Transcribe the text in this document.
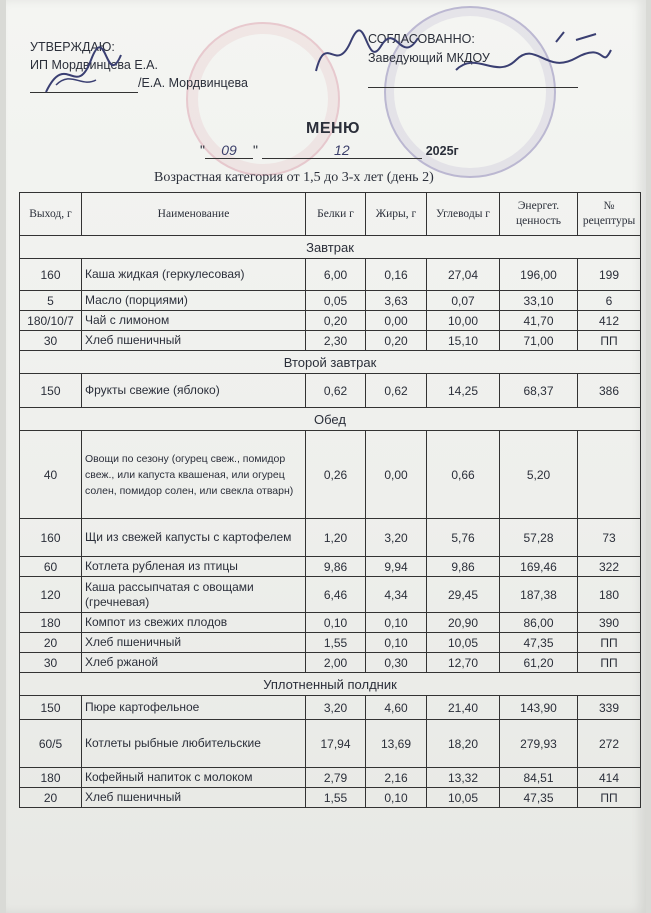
УТВЕРЖДАЮ:
ИП Мордвинцева Е.А.
/Е.А. Мордвинцева
СОГЛАСОВАННО:
Заведующий МКДОУ

МЕНЮ
" 09 "	12	2025г
Возрастная категория от 1,5 до 3-х лет (день 2)
Выход, г	Наименование	Белки г	Жиры, г	Углеводы г	Энергет. ценность	№ рецептуры
Завтрак						
160	Каша жидкая (геркулесовая)	6,00	0,16	27,04	196,00	199
5	Масло (порциями)	0,05	3,63	0,07	33,10	6
180/10/7	Чай с лимоном	0,20	0,00	10,00	41,70	412
30	Хлеб пшеничный	2,30	0,20	15,10	71,00	ПП
Второй завтрак						
150	Фрукты свежие (яблоко)	0,62	0,62	14,25	68,37	386
Обед						
40	Овощи по сезону (огурец свеж., помидор свеж., или капуста квашеная, или огурец солен, помидор солен, или свекла отварн)	0,26	0,00	0,66	5,20	
160	Щи из свежей капусты с картофелем	1,20	3,20	5,76	57,28	73
60	Котлета рубленая из птицы	9,86	9,94	9,86	169,46	322
120	Каша рассыпчатая с овощами (гречневая)	6,46	4,34	29,45	187,38	180
180	Компот из свежих плодов	0,10	0,10	20,90	86,00	390
20	Хлеб пшеничный	1,55	0,10	10,05	47,35	ПП
30	Хлеб ржаной	2,00	0,30	12,70	61,20	ПП
Уплотненный полдник						
150	Пюре картофельное	3,20	4,60	21,40	143,90	339
60/5	Котлеты рыбные любительские	17,94	13,69	18,20	279,93	272
180	Кофейный напиток с молоком	2,79	2,16	13,32	84,51	414
20	Хлеб пшеничный	1,55	0,10	10,05	47,35	ПП
